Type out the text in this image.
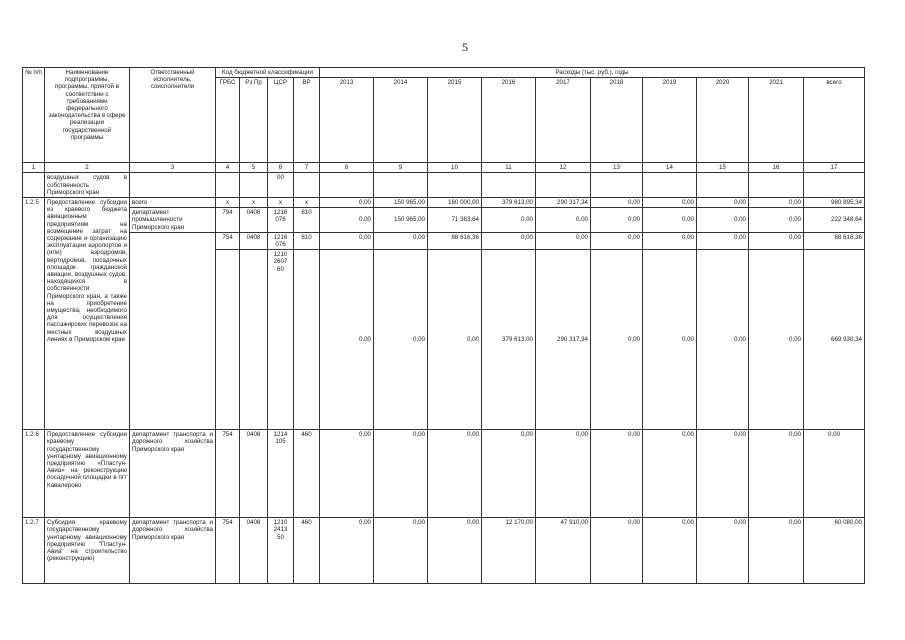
5
№ п/п	Наименование подпрограммы, программы, приятой в соответствии с требованиями федерального законодательства в сфере реализации государственной программы	Ответственный исполнитель, соисполнители	Код бюджетной классификации				Расходы (тыс. руб.), годы									
			ГРБС	Рз Пр	ЦСР	ВР	2013	2014	2015	2016	2017	2018	2019	2020	2021	всего
1	2	3	4	5	6	7	8	9	10	11	12	13	14	15	16	17
	воздушных судов в собственность Приморского края				00											
1.2.5	Предоставление субсидии из краевого бюджета авиационным предприятиям на возмещение затрат на содержание и организацию эксплуатации аэропортов и (или) аэродромов, вертодромов, посадочных площадок гражданской авиации, воздушных судов, находящихся в собственности Приморского края, а также на приобретение имущества, необходимого для осуществления пассажирских перевозок на местных воздушных линиях в Приморском крае	всего	x	x	x	x	0,00	150 965,00	160 000,00	379 613,00	290 317,34	0,00	0,00	0,00	0,00	980 895,34
		департамент промышленности Приморского края	794	0408	1216 076	810	0,00	150 965,00	71 383,64	0,00	0,00	0,00	0,00	0,00	0,00	222 348,64
			754	0408	1216 076	810	0,00	0,00	88 616,36	0,00	0,00	0,00	0,00	0,00	0,00	88 616,36
					1210 2607 60		0,00	0,00	0,00	379 613,00	290 317,34	0,00	0,00	0,00	0,00	669 930,34
1.2.6	Предоставление субсидии краевому государственному унитарному авиационному предприятию «Пластун-Авиа» на реконструкцию посадочной площадки в пгт Кавалерово	департамент транспорта и дорожного хозяйства Приморского края	754	0408	1214 105	460	0,00	0,00	0,00	0,00	0,00	0,00	0,00	0,00	0,00	0,00
1.2.7	Субсидия краевому государственному унитарному авиационному предприятию "Пластун-Авиа" на строительство (реконструкцию)	департамент транспорта и дорожного хозяйства Приморского края	754	0408	1210 2413 50	460	0,00	0,00	0,00	12 170,00	47 910,00	0,00	0,00	0,00	0,00	60 080,00
